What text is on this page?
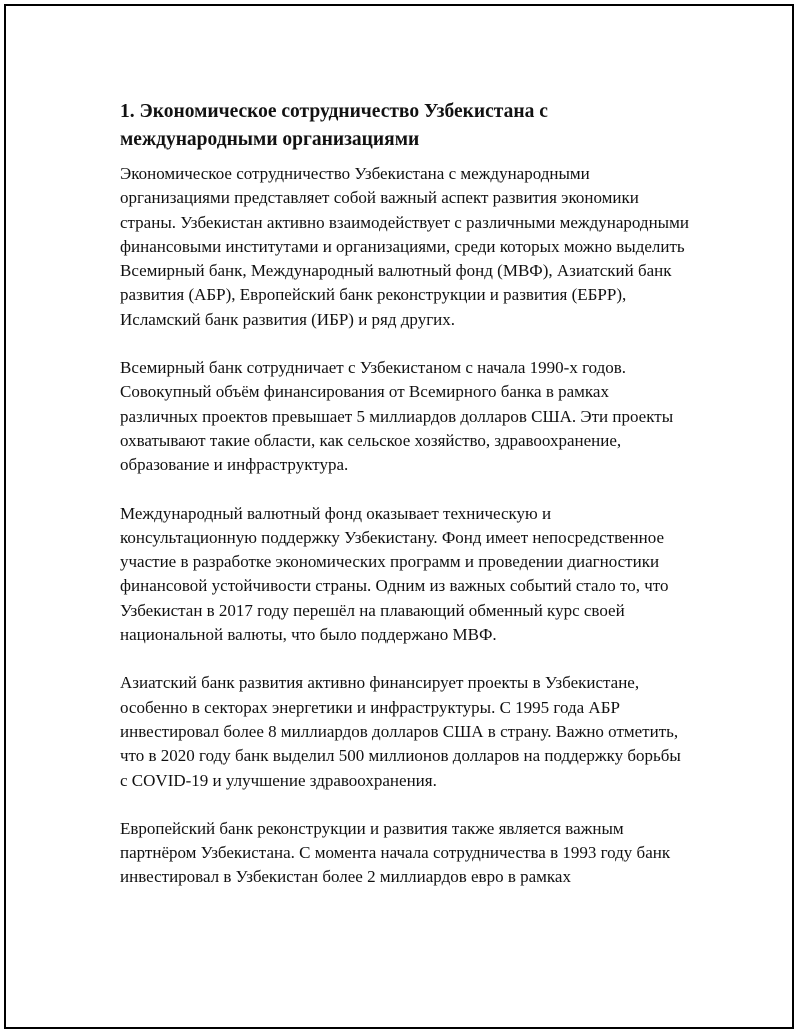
1. Экономическое сотрудничество Узбекистана с международными организациями

Экономическое сотрудничество Узбекистана с международными организациями представляет собой важный аспект развития экономики страны. Узбекистан активно взаимодействует с различными международными финансовыми институтами и организациями, среди которых можно выделить Всемирный банк, Международный валютный фонд (МВФ), Азиатский банк развития (АБР), Европейский банк реконструкции и развития (ЕБРР), Исламский банк развития (ИБР) и ряд других.

Всемирный банк сотрудничает с Узбекистаном с начала 1990-х годов. Совокупный объём финансирования от Всемирного банка в рамках различных проектов превышает 5 миллиардов долларов США. Эти проекты охватывают такие области, как сельское хозяйство, здравоохранение, образование и инфраструктура.

Международный валютный фонд оказывает техническую и консультационную поддержку Узбекистану. Фонд имеет непосредственное участие в разработке экономических программ и проведении диагностики финансовой устойчивости страны. Одним из важных событий стало то, что Узбекистан в 2017 году перешёл на плавающий обменный курс своей национальной валюты, что было поддержано МВФ.

Азиатский банк развития активно финансирует проекты в Узбекистане, особенно в секторах энергетики и инфраструктуры. С 1995 года АБР инвестировал более 8 миллиардов долларов США в страну. Важно отметить, что в 2020 году банк выделил 500 миллионов долларов на поддержку борьбы с COVID-19 и улучшение здравоохранения.

Европейский банк реконструкции и развития также является важным партнёром Узбекистана. С момента начала сотрудничества в 1993 году банк инвестировал в Узбекистан более 2 миллиардов евро в рамках
